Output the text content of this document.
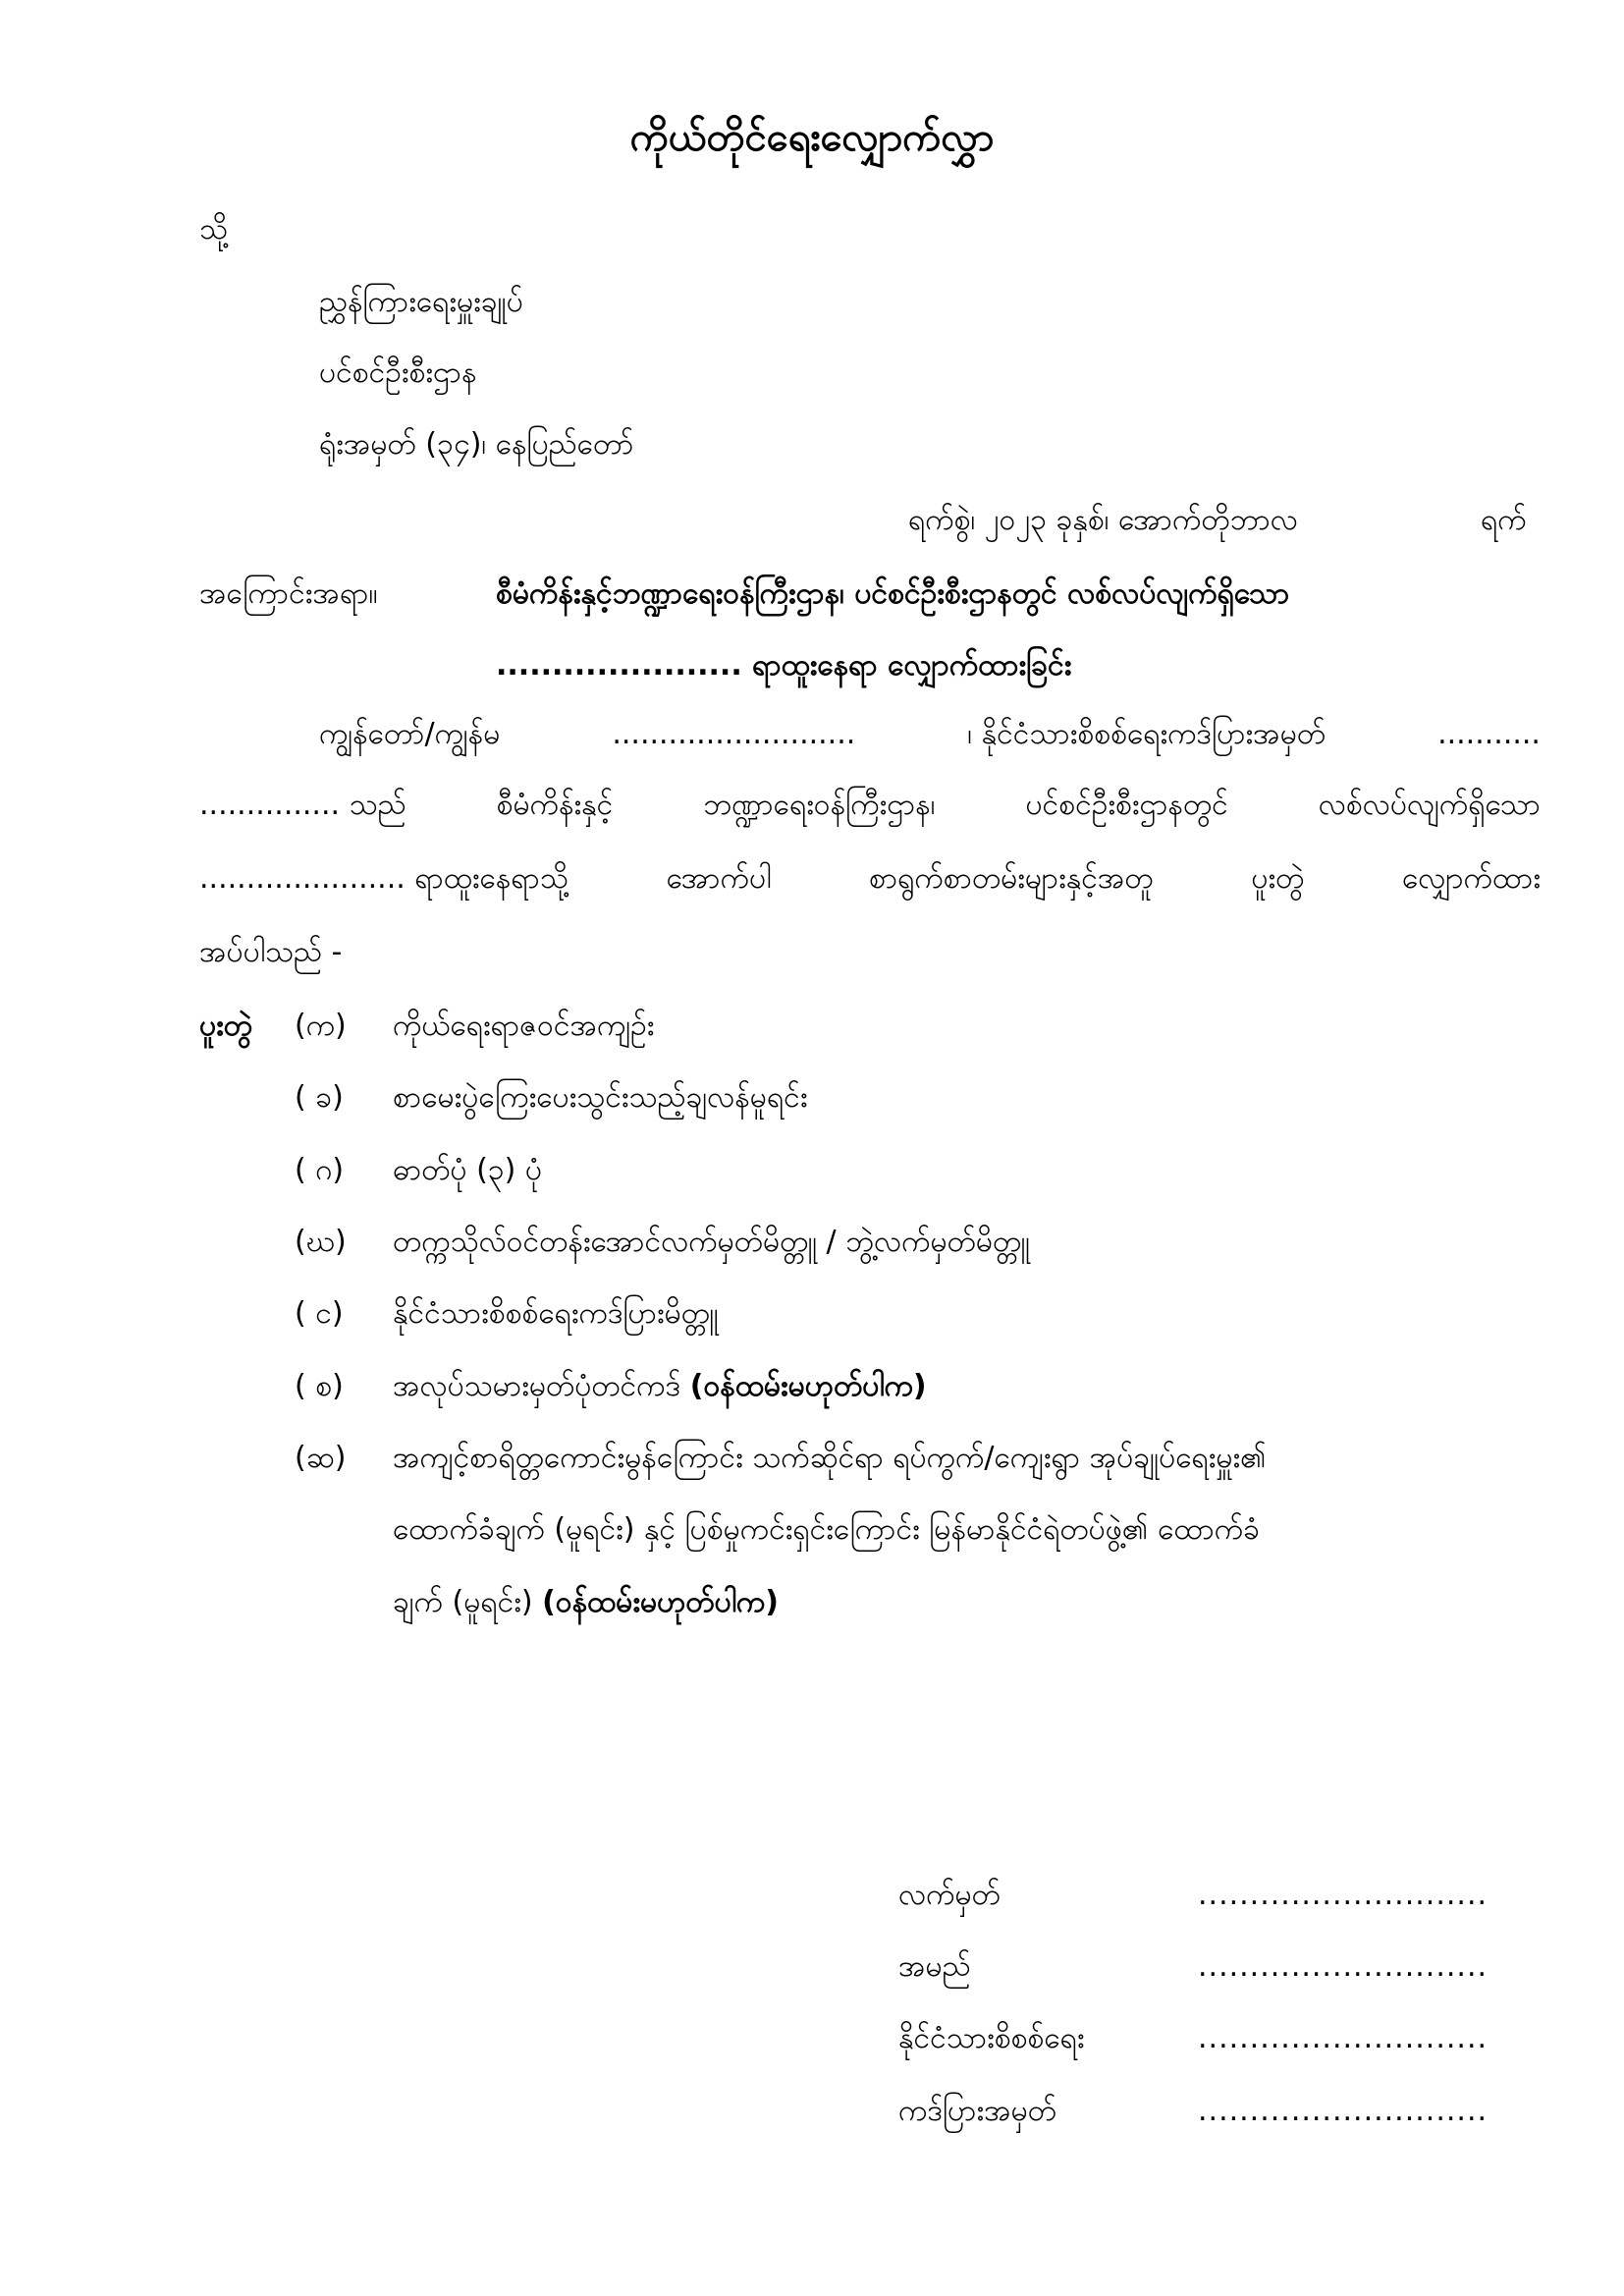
ကိုယ်တိုင်ရေးလျှောက်လွှာ
သို့
ညွှန်ကြားရေးမှူးချုပ်
ပင်စင်ဦးစီးဌာန
ရုံးအမှတ် (၃၄)၊ နေပြည်တော်
ရက်စွဲ၊ ၂၀၂၃ ခုနှစ်၊ အောက်တိုဘာလ	ရက်
အကြောင်းအရာ။	စီမံကိန်းနှင့်ဘဏ္ဍာရေးဝန်ကြီးဌာန၊ ပင်စင်ဦးစီးဌာနတွင် လစ်လပ်လျက်ရှိသော
...................... ရာထူးနေရာ လျှောက်ထားခြင်း
ကျွန်တော်/ကျွန်မ	..........................	၊ နိုင်ငံသားစိစစ်ရေးကဒ်ပြားအမှတ်	...........
............... သည်	စီမံကိန်းနှင့်	ဘဏ္ဍာရေးဝန်ကြီးဌာန၊	ပင်စင်ဦးစီးဌာနတွင်	လစ်လပ်လျက်ရှိသော
...................... ရာထူးနေရာသို့	အောက်ပါ	စာရွက်စာတမ်းများနှင့်အတူ	ပူးတွဲ	လျှောက်ထား
အပ်ပါသည် -
ပူးတွဲ (က) ကိုယ်ရေးရာဇဝင်အကျဉ်း
( ခ) စာမေးပွဲကြေးပေးသွင်းသည့်ချလန်မူရင်း
( ဂ) ဓာတ်ပုံ (၃) ပုံ
(ဃ) တက္ကသိုလ်ဝင်တန်းအောင်လက်မှတ်မိတ္တူ / ဘွဲ့လက်မှတ်မိတ္တူ
( င) နိုင်ငံသားစိစစ်ရေးကဒ်ပြားမိတ္တူ
( စ) အလုပ်သမားမှတ်ပုံတင်ကဒ် (ဝန်ထမ်းမဟုတ်ပါက)
(ဆ) အကျင့်စာရိတ္တကောင်းမွန်ကြောင်း သက်ဆိုင်ရာ ရပ်ကွက်/ကျေးရွာ အုပ်ချုပ်ရေးမှူး၏
ထောက်ခံချက် (မူရင်း) နှင့် ပြစ်မှုကင်းရှင်းကြောင်း မြန်မာနိုင်ငံရဲတပ်ဖွဲ့၏ ထောက်ခံ
ချက် (မူရင်း) (ဝန်ထမ်းမဟုတ်ပါက)
လက်မှတ်	............................
အမည်	............................
နိုင်ငံသားစိစစ်ရေး	............................
ကဒ်ပြားအမှတ်	............................
